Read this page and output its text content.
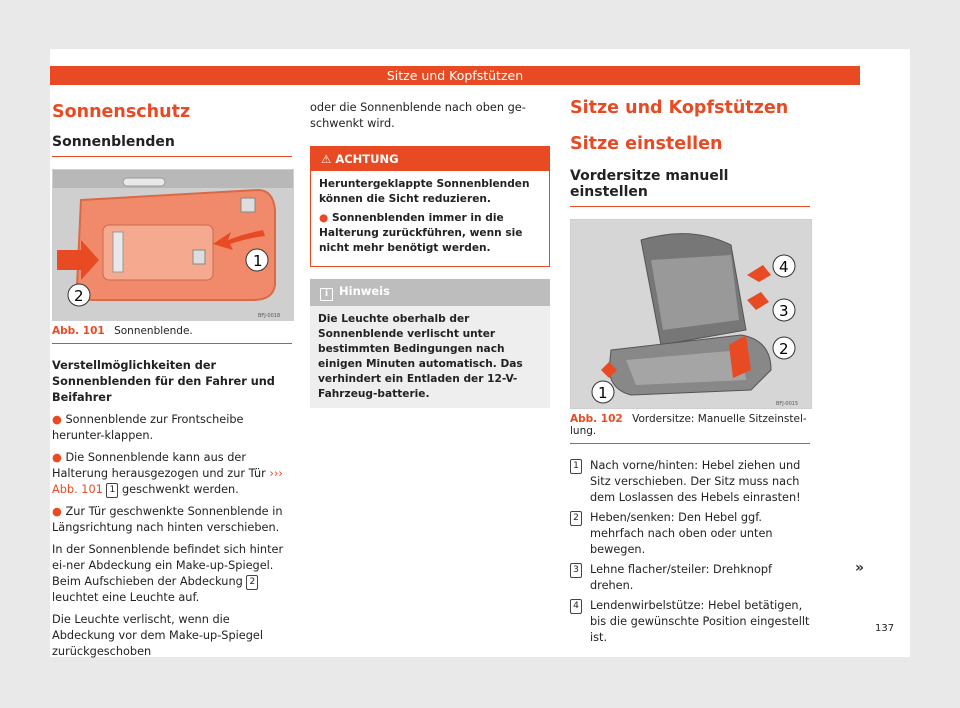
Sitze und Kopfstützen
Sonnenschutz
Sonnenblenden
1
2
BFJ-0018
Abb. 101 Sonnenblende.

Verstellmöglichkeiten der Sonnenblenden für den Fahrer und Beifahrer

● Sonnenblende zur Frontscheibe herunter-klappen.

● Die Sonnenblende kann aus der Halterung herausgezogen und zur Tür ››› Abb. 101 1 geschwenkt werden.

● Zur Tür geschwenkte Sonnenblende in Längsrichtung nach hinten verschieben.

In der Sonnenblende befindet sich hinter ei-ner Abdeckung ein Make-up-Spiegel. Beim Aufschieben der Abdeckung 2 leuchtet eine Leuchte auf.

Die Leuchte verlischt, wenn die Abdeckung vor dem Make-up-Spiegel zurückgeschoben

oder die Sonnenblende nach oben ge-schwenkt wird.

⚠ ACHTUNG

Heruntergeklappte Sonnenblenden können die Sicht reduzieren.

● Sonnenblenden immer in die Halterung zurückführen, wenn sie nicht mehr benötigt werden.

i Hinweis

Die Leuchte oberhalb der Sonnenblende verlischt unter bestimmten Bedingungen nach einigen Minuten automatisch. Das verhindert ein Entladen der 12-V-Fahrzeug-batterie.

Sitze und Kopfstützen
Sitze einstellen
Vordersitze manuell einstellen
4
3
2
1
BFJ-0015
Abb. 102 Vordersitze: Manuelle Sitzeinstel-lung.
1 Nach vorne/hinten: Hebel ziehen und Sitz verschieben. Der Sitz muss nach dem Loslassen des Hebels einrasten!
2 Heben/senken: Den Hebel ggf. mehrfach nach oben oder unten bewegen.
3 Lehne flacher/steiler: Drehknopf drehen.
4 Lendenwirbelstütze: Hebel betätigen, bis die gewünschte Position eingestellt ist.
»
137
